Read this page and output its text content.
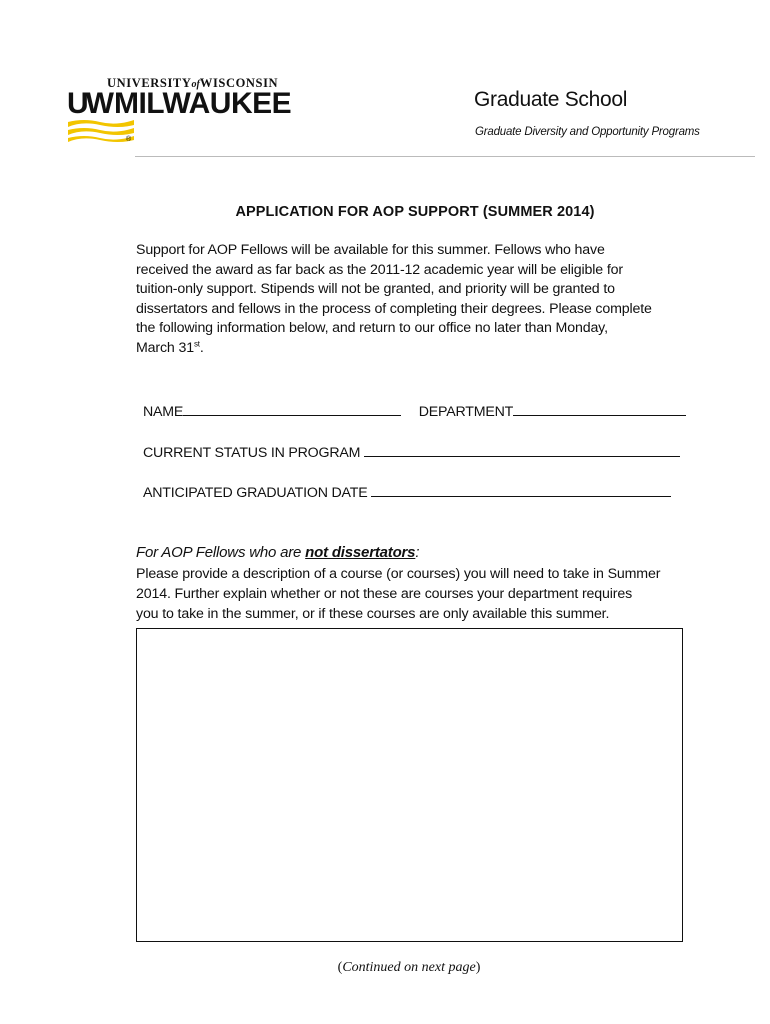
UNIVERSITYofWISCONSIN
UW MILWAUKEE
®
Graduate School
Graduate Diversity and Opportunity Programs
APPLICATION FOR AOP SUPPORT (SUMMER 2014)
Support for AOP Fellows will be available for this summer. Fellows who have
received the award as far back as the 2011-12 academic year will be eligible for
tuition-only support. Stipends will not be granted, and priority will be granted to
dissertators and fellows in the process of completing their degrees. Please complete
the following information below, and return to our office no later than Monday,
March 31st.
NAME	DEPARTMENT
CURRENT STATUS IN PROGRAM
ANTICIPATED GRADUATION DATE
For AOP Fellows who are not dissertators:
Please provide a description of a course (or courses) you will need to take in Summer
2014. Further explain whether or not these are courses your department requires
you to take in the summer, or if these courses are only available this summer.
(Continued on next page)
